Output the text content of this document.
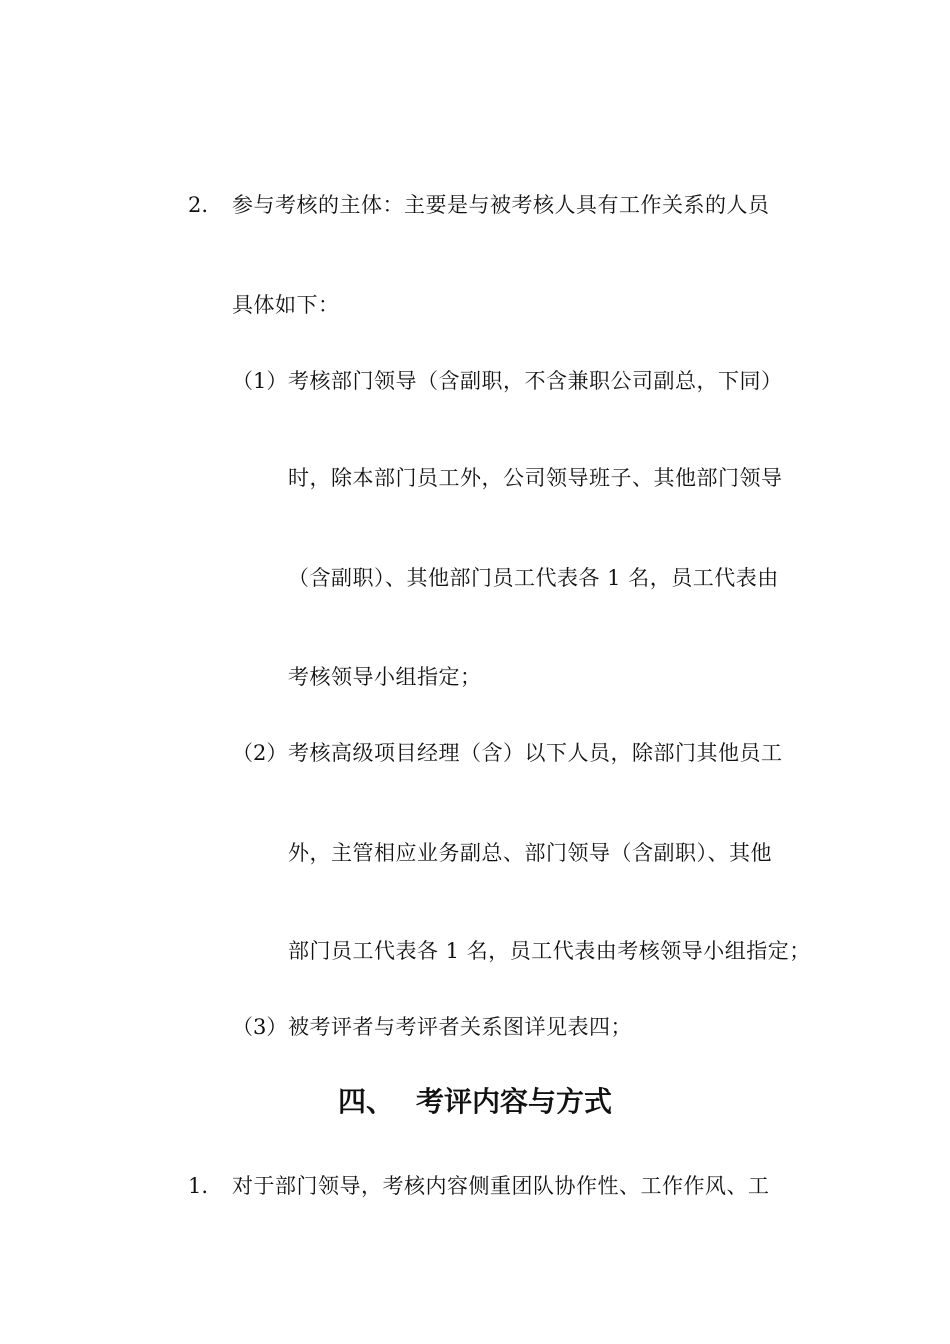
2. 参与考核的主体：主要是与被考核人具有工作关系的人员
具体如下：
（1） 考核部门领导（含副职，不含兼职公司副总，下同）
时，除本部门员工外，公司领导班子、其他部门领导
（含副职）、其他部门员工代表各 1 名，员工代表由
考核领导小组指定；
（2） 考核高级项目经理（含）以下人员，除部门其他员工
外，主管相应业务副总、部门领导（含副职）、其他
部门员工代表各 1 名，员工代表由考核领导小组指定；
（3） 被考评者与考评者关系图详见表四；
四、 考评内容与方式
1. 对于部门领导，考核内容侧重团队协作性、工作作风、工
